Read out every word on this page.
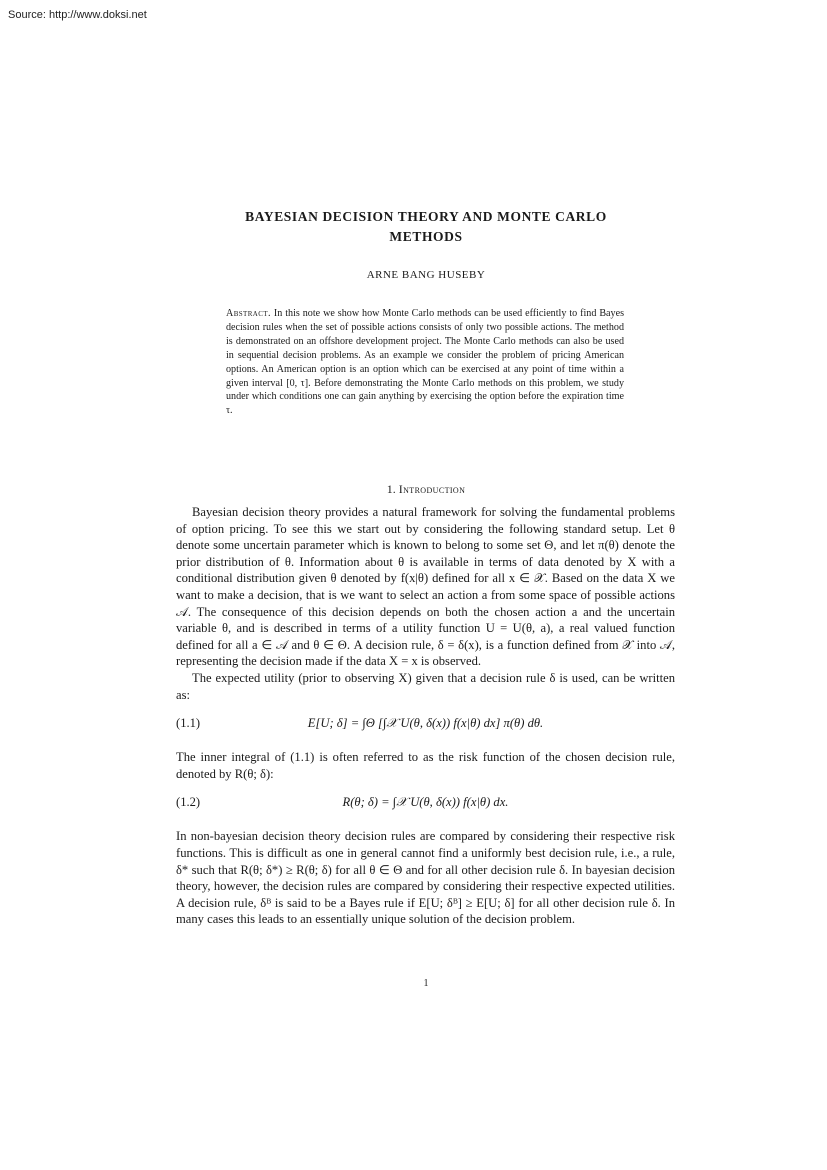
Source: http://www.doksi.net
BAYESIAN DECISION THEORY AND MONTE CARLO
METHODS
ARNE BANG HUSEBY
Abstract. In this note we show how Monte Carlo methods can be used efficiently to find Bayes decision rules when the set of possible actions consists of only two possible actions. The method is demonstrated on an offshore development project. The Monte Carlo methods can also be used in sequential decision problems. As an example we consider the problem of pricing American options. An American option is an option which can be exercised at any point of time within a given interval [0, τ]. Before demonstrating the Monte Carlo methods on this problem, we study under which conditions one can gain anything by exercising the option before the expiration time τ.
1. Introduction

Bayesian decision theory provides a natural framework for solving the fundamental problems of option pricing. To see this we start out by considering the following standard setup. Let θ denote some uncertain parameter which is known to belong to some set Θ, and let π(θ) denote the prior distribution of θ. Information about θ is available in terms of data denoted by X with a conditional distribution given θ denoted by f(x|θ) defined for all x ∈ 𝒳. Based on the data X we want to make a decision, that is we want to select an action a from some space of possible actions 𝒜. The consequence of this decision depends on both the chosen action a and the uncertain variable θ, and is described in terms of a utility function U = U(θ, a), a real valued function defined for all a ∈ 𝒜 and θ ∈ Θ. A decision rule, δ = δ(x), is a function defined from 𝒳 into 𝒜, representing the decision made if the data X = x is observed.

The expected utility (prior to observing X) given that a decision rule δ is used, can be written as:

(1.1)	E[U; δ] = ∫Θ [∫𝒳 U(θ, δ(x)) f(x|θ) dx] π(θ) dθ.

The inner integral of (1.1) is often referred to as the risk function of the chosen decision rule, denoted by R(θ; δ):

(1.2)	R(θ; δ) = ∫𝒳 U(θ, δ(x)) f(x|θ) dx.

In non-bayesian decision theory decision rules are compared by considering their respective risk functions. This is difficult as one in general cannot find a uniformly best decision rule, i.e., a rule, δ* such that R(θ; δ*) ≥ R(θ; δ) for all θ ∈ Θ and for all other decision rule δ. In bayesian decision theory, however, the decision rules are compared by considering their respective expected utilities. A decision rule, δᴮ is said to be a Bayes rule if E[U; δᴮ] ≥ E[U; δ] for all other decision rule δ. In many cases this leads to an essentially unique solution of the decision problem.

1
